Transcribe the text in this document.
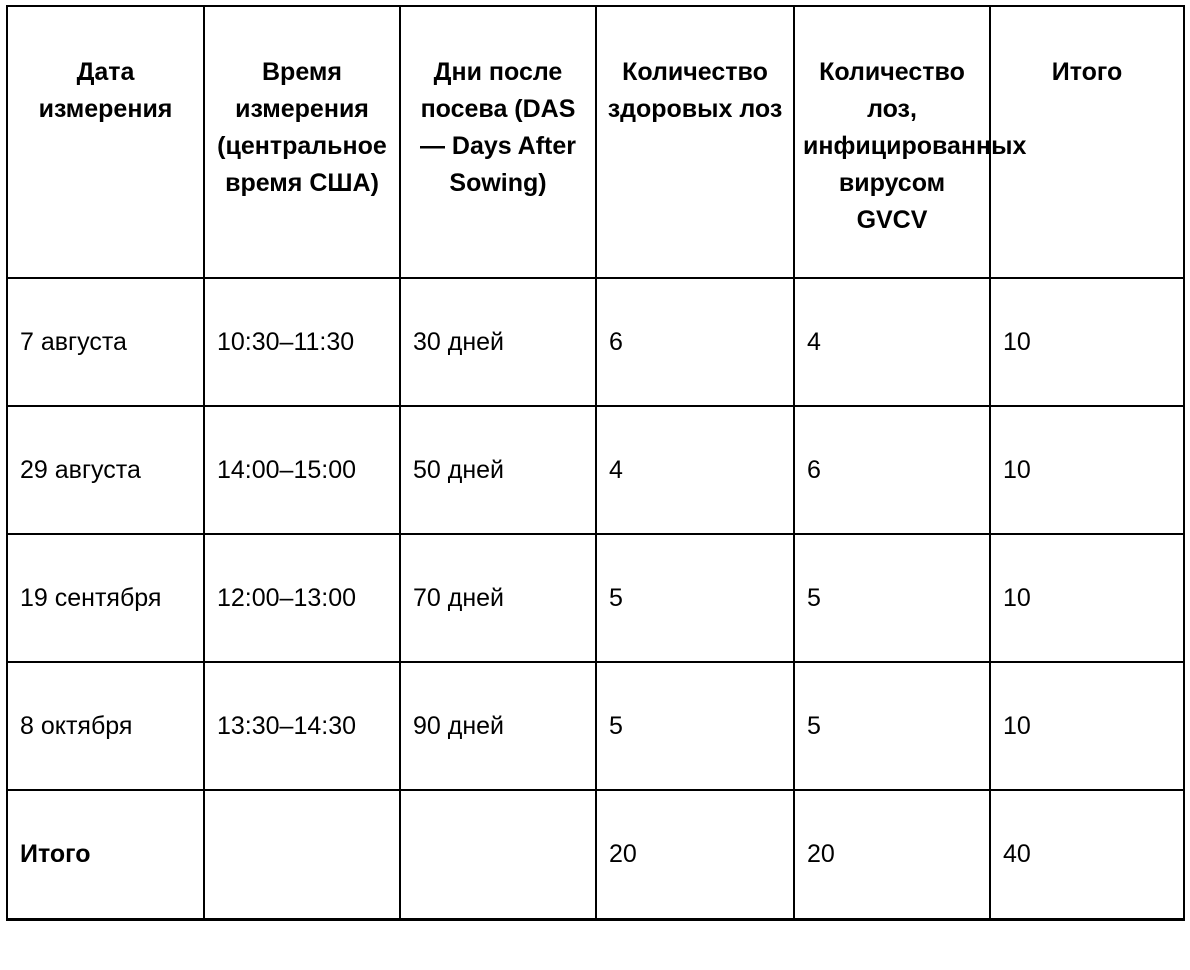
Дата измерения	Время измерения (центральное время США)	Дни после посева (DAS — Days After Sowing)	Количество здоровых лоз	Количество лоз, инфицированных вирусом GVCV	Итого
7 августа	10:30–11:30	30 дней	6	4	10
29 августа	14:00–15:00	50 дней	4	6	10
19 сентября	12:00–13:00	70 дней	5	5	10
8 октября	13:30–14:30	90 дней	5	5	10
Итого			20	20	40
